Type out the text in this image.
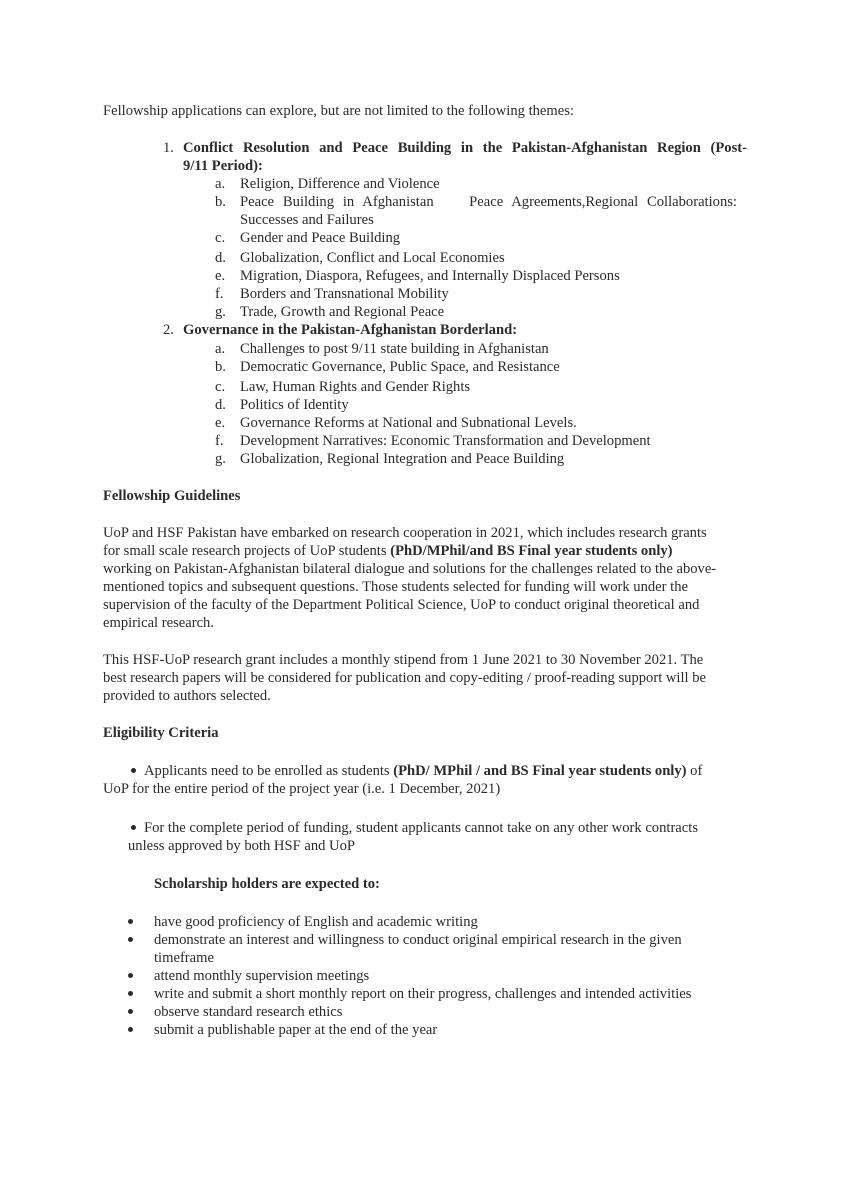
Fellowship applications can explore, but are not limited to the following themes:

1. Conflict Resolution and Peace Building in the Pakistan-Afghanistan Region (Post-

9/11 Period):

a. Religion, Difference and Violence

b. Peace Building in Afghanistan    Peace Agreements,Regional Collaborations:

Successes and Failures

c. Gender and Peace Building

d. Globalization, Conflict and Local Economies

e. Migration, Diaspora, Refugees, and Internally Displaced Persons

f. Borders and Transnational Mobility

g. Trade, Growth and Regional Peace

2. Governance in the Pakistan-Afghanistan Borderland:

a. Challenges to post 9/11 state building in Afghanistan

b. Democratic Governance, Public Space, and Resistance

c. Law, Human Rights and Gender Rights

d. Politics of Identity

e. Governance Reforms at National and Subnational Levels.

f. Development Narratives: Economic Transformation and Development

g. Globalization, Regional Integration and Peace Building

Fellowship Guidelines

UoP and HSF Pakistan have embarked on research cooperation in 2021, which includes research grants

for small scale research projects of UoP students (PhD/MPhil/and BS Final year students only)

working on Pakistan-Afghanistan bilateral dialogue and solutions for the challenges related to the above-

mentioned topics and subsequent questions. Those students selected for funding will work under the

supervision of the faculty of the Department Political Science, UoP to conduct original theoretical and

empirical research.

This HSF-UoP research grant includes a monthly stipend from 1 June 2021 to 30 November 2021. The

best research papers will be considered for publication and copy-editing / proof-reading support will be

provided to authors selected.

Eligibility Criteria

Applicants need to be enrolled as students (PhD/ MPhil / and BS Final year students only) of

UoP for the entire period of the project year (i.e. 1 December, 2021)

For the complete period of funding, student applicants cannot take on any other work contracts

unless approved by both HSF and UoP

Scholarship holders are expected to:

have good proficiency of English and academic writing

demonstrate an interest and willingness to conduct original empirical research in the given

timeframe

attend monthly supervision meetings

write and submit a short monthly report on their progress, challenges and intended activities

observe standard research ethics

submit a publishable paper at the end of the year
